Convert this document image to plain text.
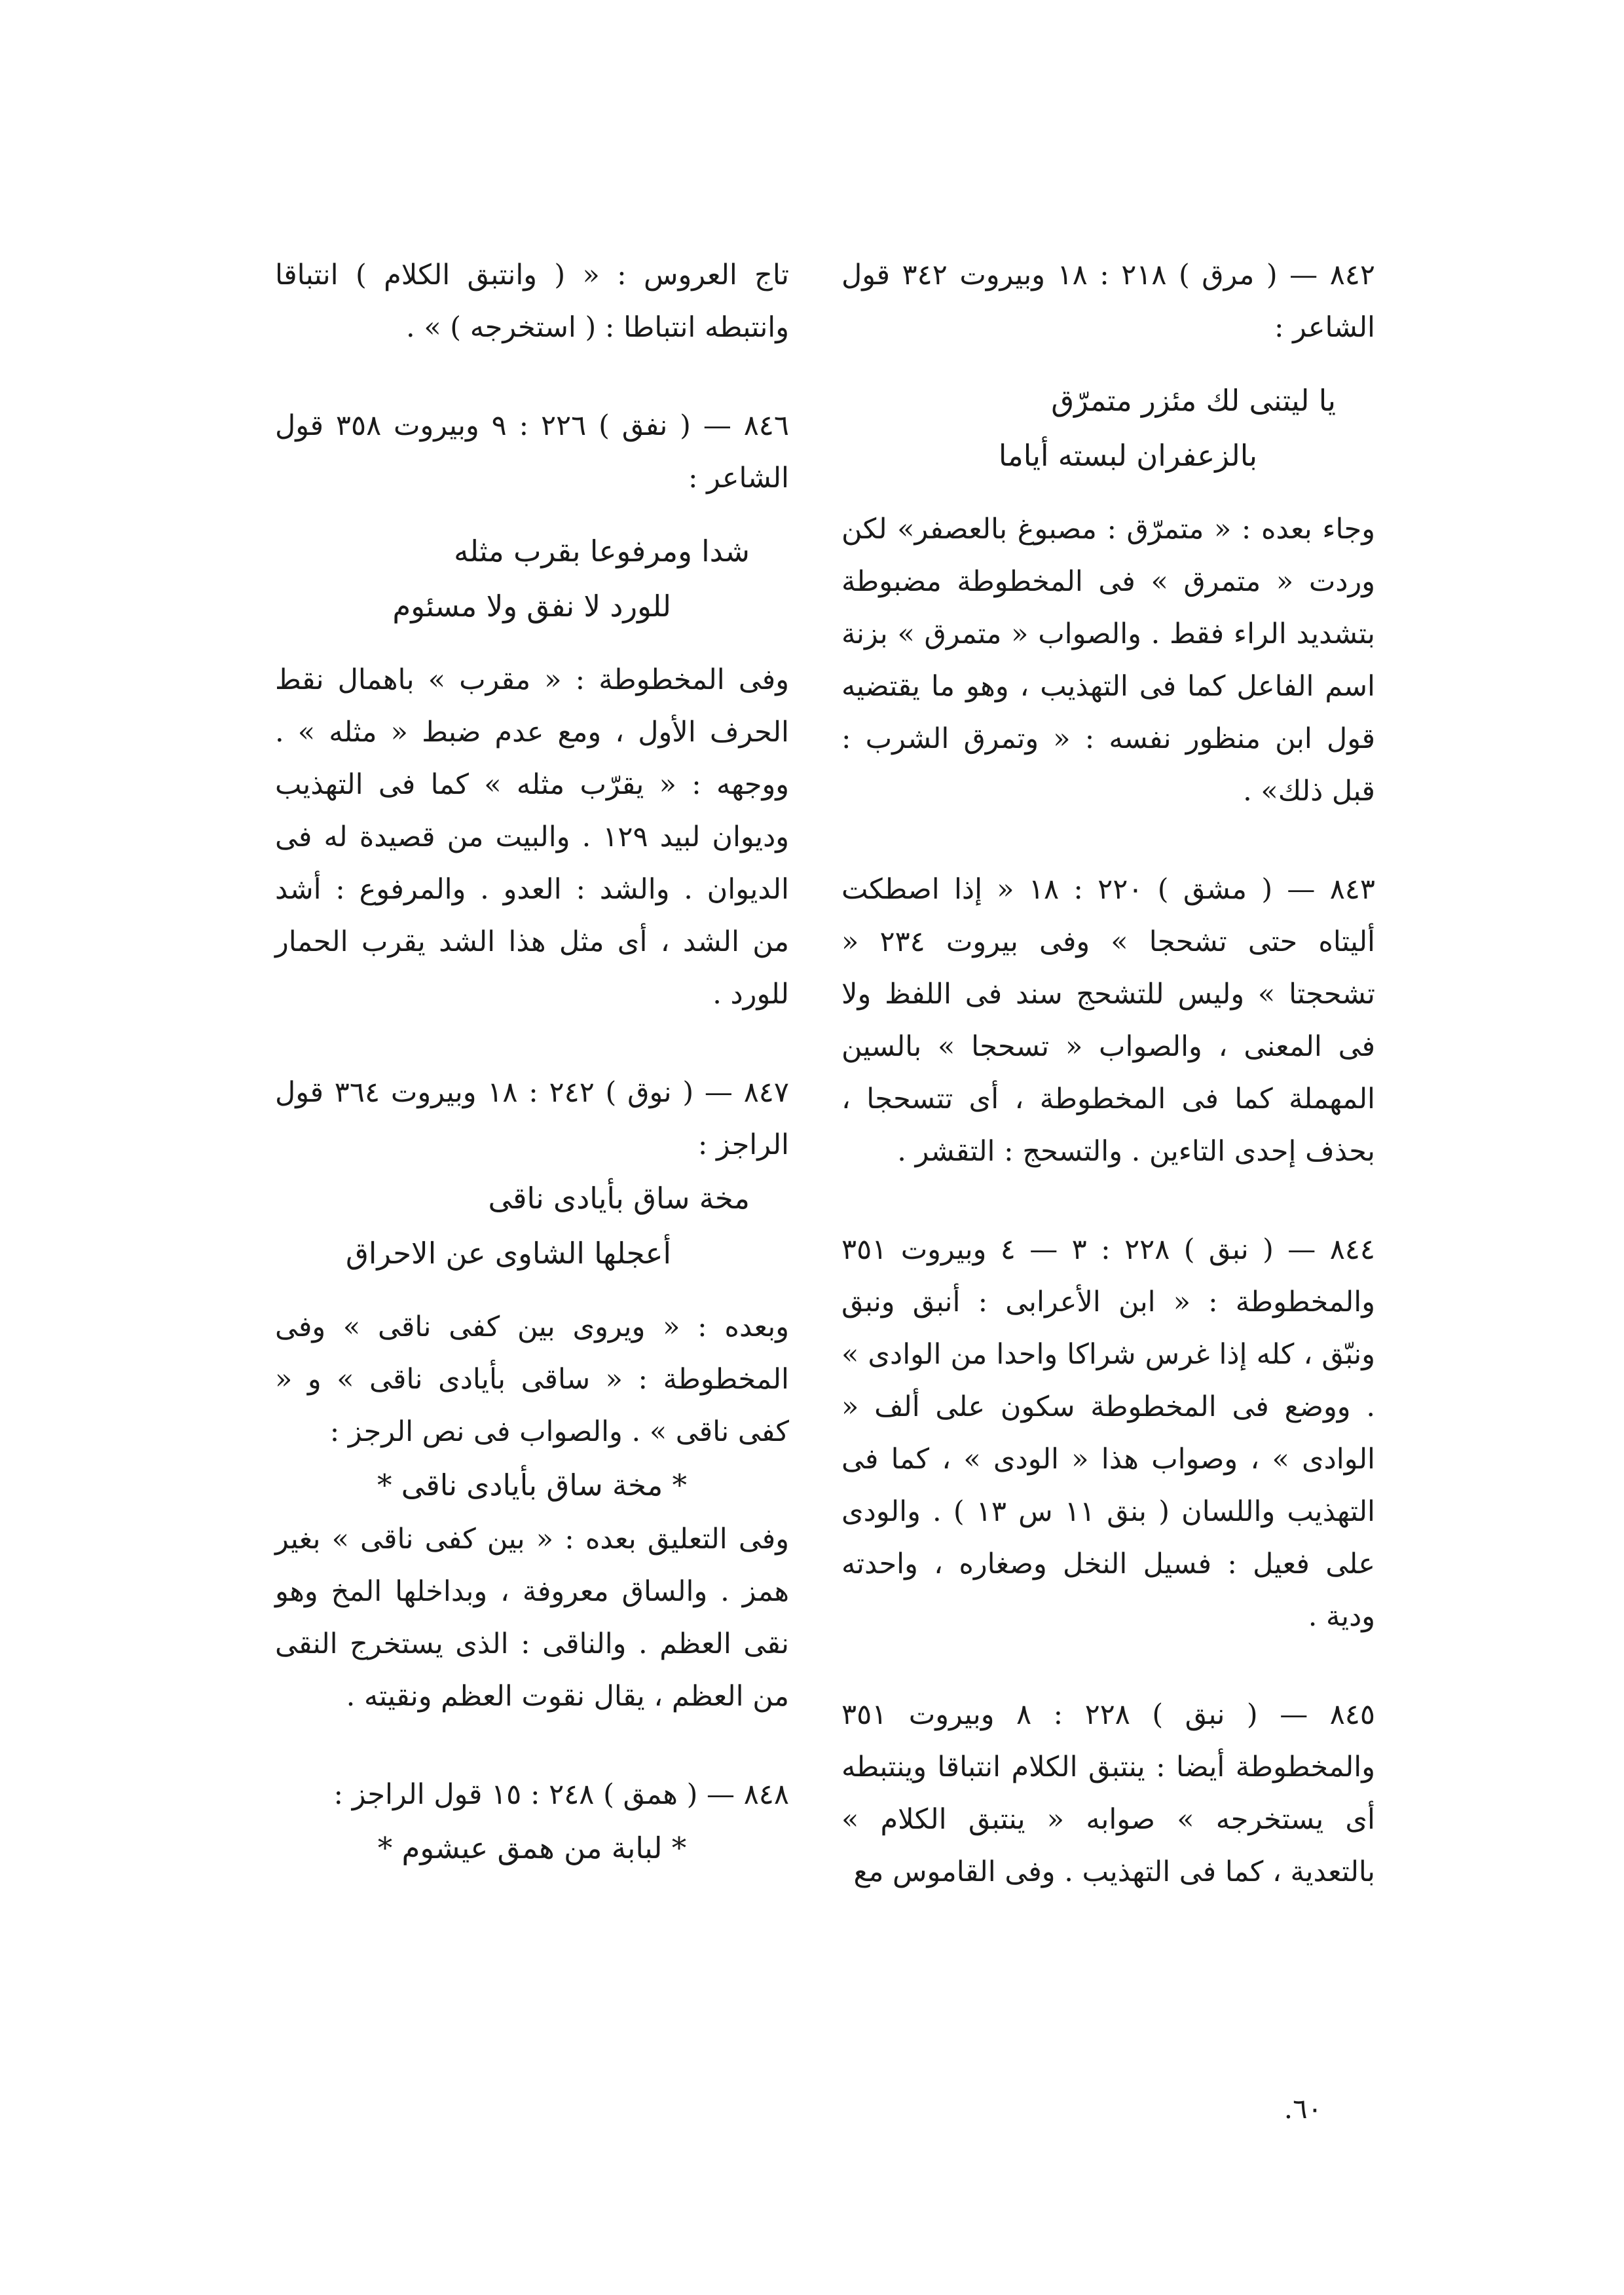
٨٤٢ — ( مرق ) ٢١٨ : ١٨ وبيروت ٣٤٢ قول الشاعر :

يا ليتنى لك مئزر متمرّق

بالزعفران لبسته أياما

وجاء بعده : « متمرّق : مصبوغ بالعصفر» لكن وردت « متمرق » فى المخطوطة مضبوطة بتشديد الراء فقط . والصواب « متمرق » بزنة اسم الفاعل كما فى التهذيب ، وهو ما يقتضيه قول ابن منظور نفسه : « وتمرق الشرب : قبل ذلك» .

٨٤٣ — ( مشق ) ٢٢٠ : ١٨ « إذا اصطكت أليتاه حتى تشحجا » وفى بيروت ٢٣٤ « تشحجتا » وليس للتشحج سند فى اللفظ ولا فى المعنى ، والصواب « تسحجا » بالسين المهملة كما فى المخطوطة ، أى تتسحجا ، بحذف إحدى التاءين . والتسحج : التقشر .

٨٤٤ — ( نبق ) ٢٢٨ : ٣ — ٤ وبيروت ٣٥١ والمخطوطة : « ابن الأعرابى : أنبق ونبق ونبّق ، كله إذا غرس شراكا واحدا من الوادى » . ووضع فى المخطوطة سكون على ألف « الوادى » ، وصواب هذا « الودى » ، كما فى التهذيب واللسان ( بنق ١١ س ١٣ ) . والودى على فعيل : فسيل النخل وصغاره ، واحدته ودية .

٨٤٥ — ( نبق ) ٢٢٨ : ٨ وبيروت ٣٥١ والمخطوطة أيضا : ينتبق الكلام انتباقا وينتبطه أى يستخرجه » صوابه « ينتبق الكلام » بالتعدية ، كما فى التهذيب . وفى القاموس مع

تاج العروس : « ( وانتبق الكلام ) انتباقا وانتبطه انتباطا : ( استخرجه ) » .

٨٤٦ — ( نفق ) ٢٢٦ : ٩ وبيروت ٣٥٨ قول الشاعر :

شدا ومرفوعا بقرب مثله

للورد لا نفق ولا مسئوم

وفى المخطوطة : « مقرب » باهمال نقط الحرف الأول ، ومع عدم ضبط « مثله » . ووجهه : « يقرّب مثله » كما فى التهذيب وديوان لبيد ١٢٩ . والبيت من قصيدة له فى الديوان . والشد : العدو . والمرفوع : أشد من الشد ، أى مثل هذا الشد يقرب الحمار للورد .

٨٤٧ — ( نوق ) ٢٤٢ : ١٨ وبيروت ٣٦٤ قول الراجز :

مخة ساق بأيادى ناقى

أعجلها الشاوى عن الاحراق

وبعده : « ويروى بين كفى ناقى » وفى المخطوطة : « ساقى بأيادى ناقى » و « كفى ناقى » . والصواب فى نص الرجز :

* مخة ساق بأيادى ناقى *

وفى التعليق بعده : « بين كفى ناقى » بغير همز . والساق معروفة ، وبداخلها المخ وهو نقى العظم . والناقى : الذى يستخرج النقى من العظم ، يقال نقوت العظم ونقيته .

٨٤٨ — ( همق ) ٢٤٨ : ١٥ قول الراجز :

* لبابة من همق عيشوم *

٦٠.
